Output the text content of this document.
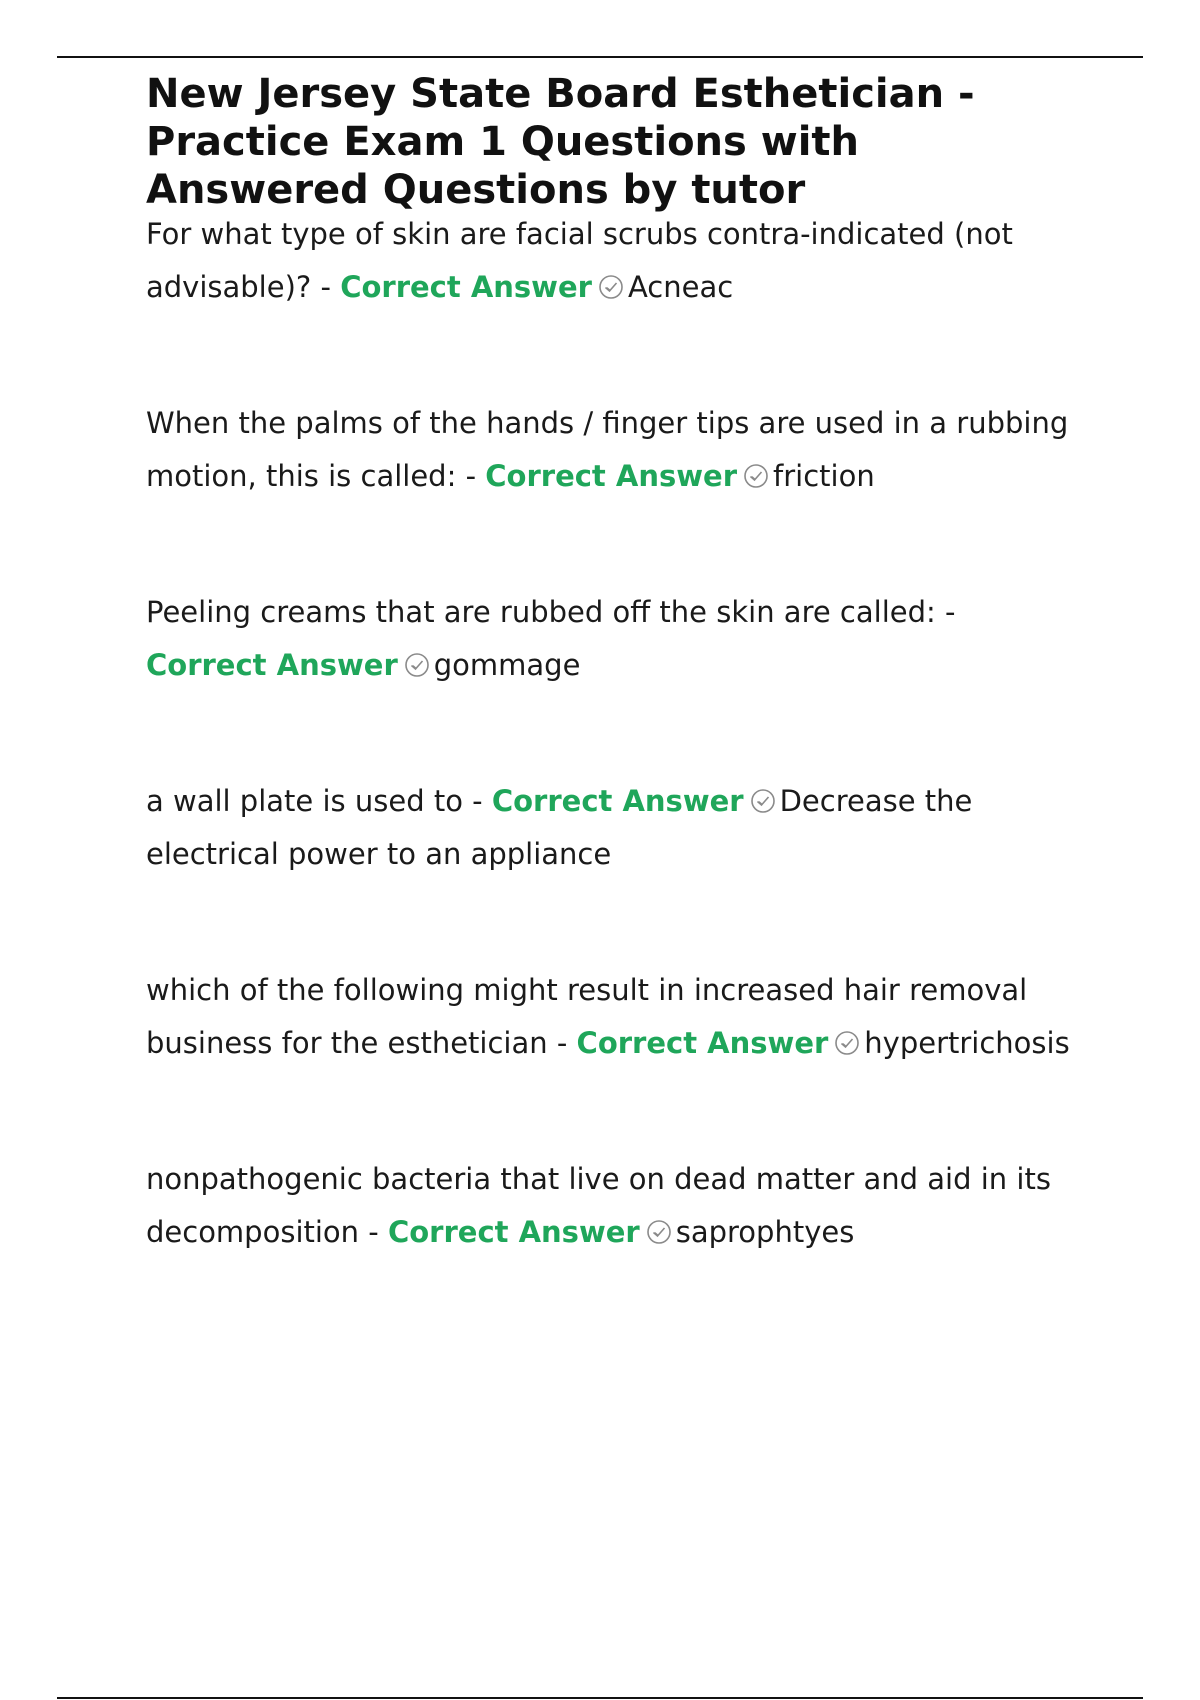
New Jersey State Board Esthetician - Practice Exam 1 Questions with Answered Questions by tutor
For what type of skin are facial scrubs contra-indicated (not advisable)? - Correct Answer Acneac
When the palms of the hands / finger tips are used in a rubbing motion, this is called: - Correct Answer friction
Peeling creams that are rubbed off the skin are called: - Correct Answer gommage
a wall plate is used to - Correct Answer Decrease the electrical power to an appliance
which of the following might result in increased hair removal business for the esthetician - Correct Answer hypertrichosis
nonpathogenic bacteria that live on dead matter and aid in its decomposition - Correct Answer saprophtyes
